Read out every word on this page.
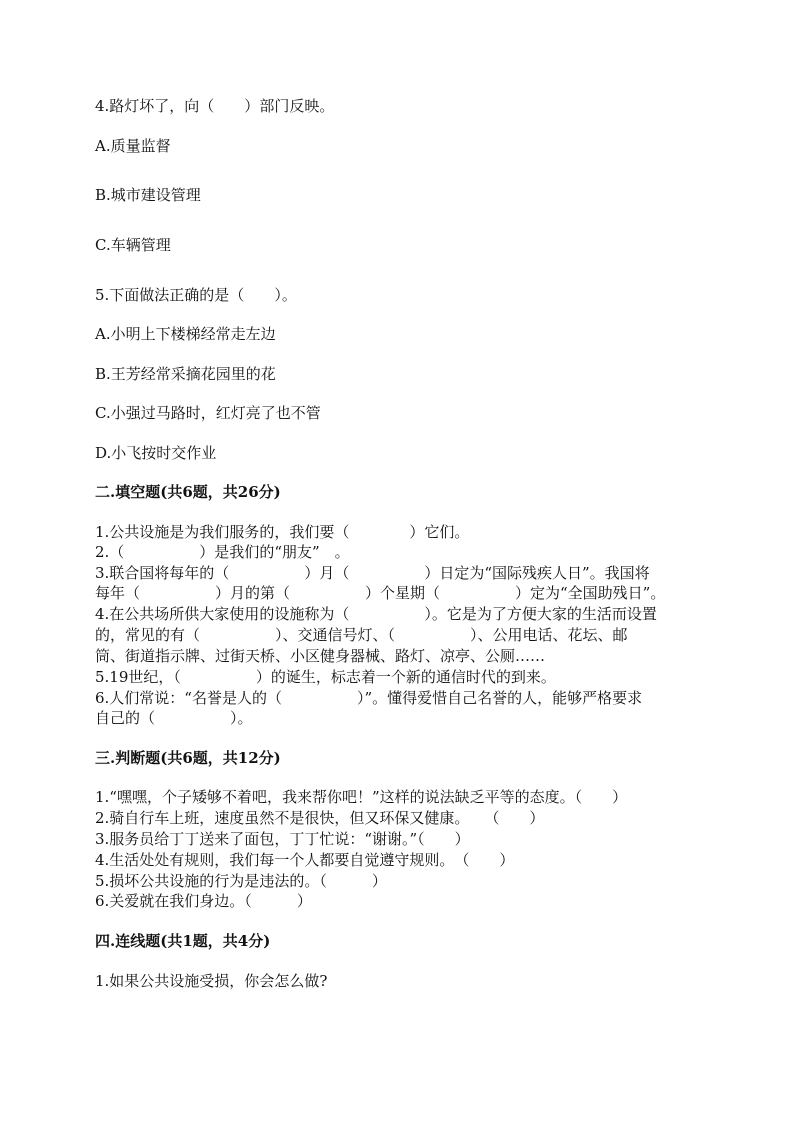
4.路灯坏了，向（　　）部门反映。
A.质量监督
B.城市建设管理
C.车辆管理
5.下面做法正确的是（　　）。
A.小明上下楼梯经常走左边
B.王芳经常采摘花园里的花
C.小强过马路时，红灯亮了也不管
D.小飞按时交作业
二.填空题(共6题，共26分)
1.公共设施是为我们服务的，我们要（　　　　）它们。
2.（　　　　　）是我们的“朋友”　。
3.联合国将每年的（　　　　　）月（　　　　　）日定为“国际残疾人日”。我国将
每年（　　　　　）月的第（　　　　　）个星期（　　　　　）定为“全国助残日”。
4.在公共场所供大家使用的设施称为（　　　　　）。它是为了方便大家的生活而设置
的，常见的有（　　　　　）、交通信号灯、（　　　　　）、公用电话、花坛、邮
筒、街道指示牌、过街天桥、小区健身器械、路灯、凉亭、公厕……
5.19世纪，（　　　　　）的诞生，标志着一个新的通信时代的到来。
6.人们常说：“名誉是人的（　　　　　）”。懂得爱惜自己名誉的人，能够严格要求
自己的（　　　　　）。
三.判断题(共6题，共12分)
1.“嘿嘿，个子矮够不着吧，我来帮你吧！”这样的说法缺乏平等的态度。（　　）
2.骑自行车上班，速度虽然不是很快，但又环保又健康。　　（　　）
3.服务员给丁丁送来了面包，丁丁忙说：“谢谢。”（　　）
4.生活处处有规则，我们每一个人都要自觉遵守规则。　（　　）
5.损坏公共设施的行为是违法的。（　　　）
6.关爱就在我们身边。（　　　）
四.连线题(共1题，共4分)
1.如果公共设施受损，你会怎么做?
